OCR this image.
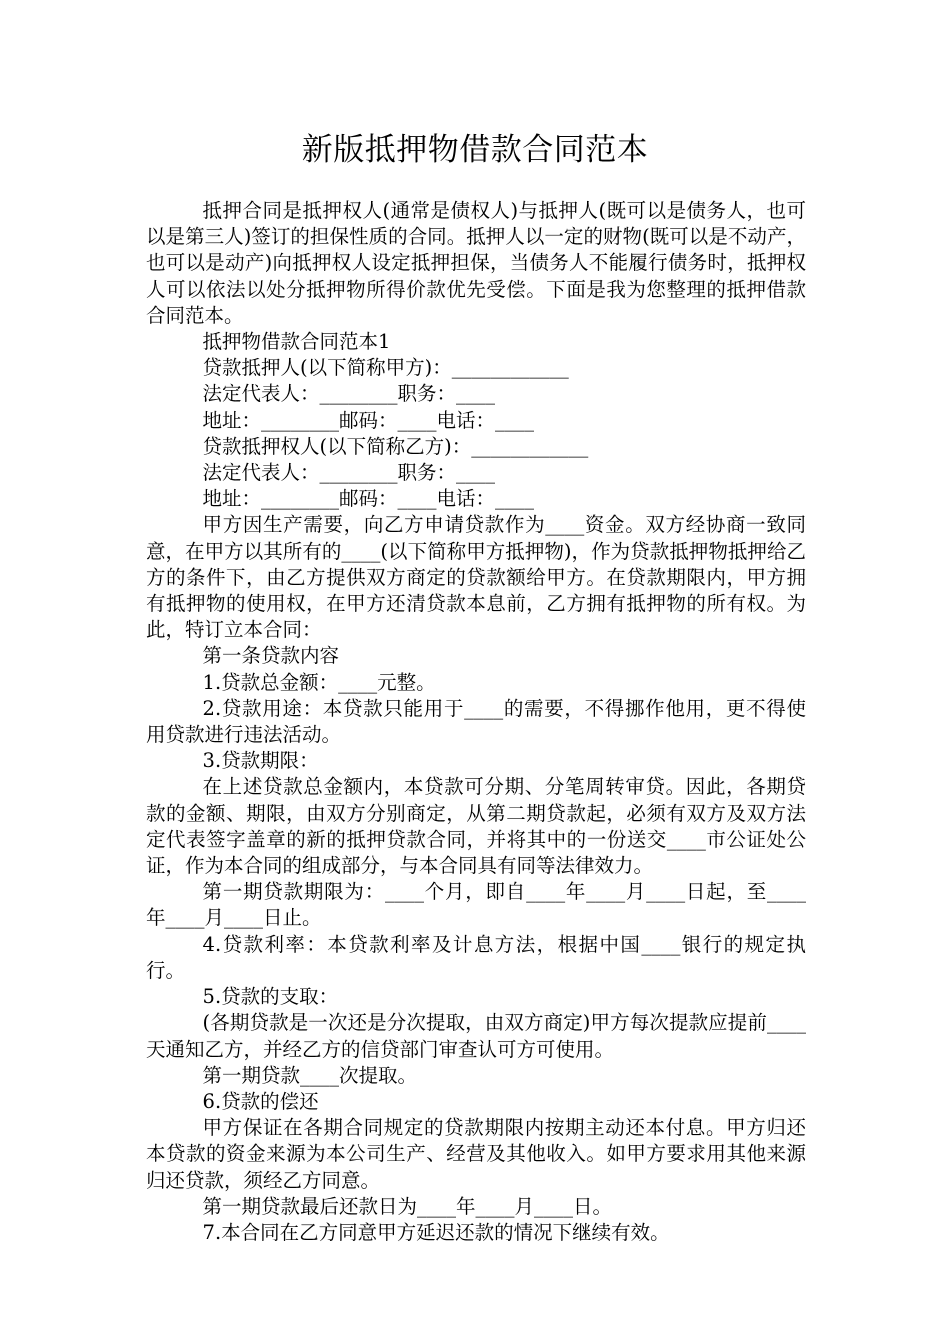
新版抵押物借款合同范本

抵押合同是抵押权人(通常是债权人)与抵押人(既可以是债务人，也可以是第三人)签订的担保性质的合同。抵押人以一定的财物(既可以是不动产，也可以是动产)向抵押权人设定抵押担保，当债务人不能履行债务时，抵押权人可以依法以处分抵押物所得价款优先受偿。下面是我为您整理的抵押借款合同范本。

抵押物借款合同范本1

贷款抵押人(以下简称甲方)：____________

法定代表人：________职务：____

地址：________邮码：____电话：____

贷款抵押权人(以下简称乙方)：____________

法定代表人：________职务：____

地址：________邮码：____电话：____

甲方因生产需要，向乙方申请贷款作为____资金。双方经协商一致同意，在甲方以其所有的____(以下简称甲方抵押物)，作为贷款抵押物抵押给乙方的条件下，由乙方提供双方商定的贷款额给甲方。在贷款期限内，甲方拥有抵押物的使用权，在甲方还清贷款本息前，乙方拥有抵押物的所有权。为此，特订立本合同：

第一条贷款内容

1.贷款总金额：____元整。

2.贷款用途：本贷款只能用于____的需要，不得挪作他用，更不得使用贷款进行违法活动。

3.贷款期限：

在上述贷款总金额内，本贷款可分期、分笔周转审贷。因此，各期贷款的金额、期限，由双方分别商定，从第二期贷款起，必须有双方及双方法定代表签字盖章的新的抵押贷款合同，并将其中的一份送交____市公证处公证，作为本合同的组成部分，与本合同具有同等法律效力。

第一期贷款期限为：____个月，即自____年____月____日起，至____年____月____日止。

4.贷款利率：本贷款利率及计息方法，根据中国____银行的规定执行。

5.贷款的支取：

(各期贷款是一次还是分次提取，由双方商定)甲方每次提款应提前____天通知乙方，并经乙方的信贷部门审查认可方可使用。

第一期贷款____次提取。

6.贷款的偿还

甲方保证在各期合同规定的贷款期限内按期主动还本付息。甲方归还本贷款的资金来源为本公司生产、经营及其他收入。如甲方要求用其他来源归还贷款，须经乙方同意。

第一期贷款最后还款日为____年____月____日。

7.本合同在乙方同意甲方延迟还款的情况下继续有效。
